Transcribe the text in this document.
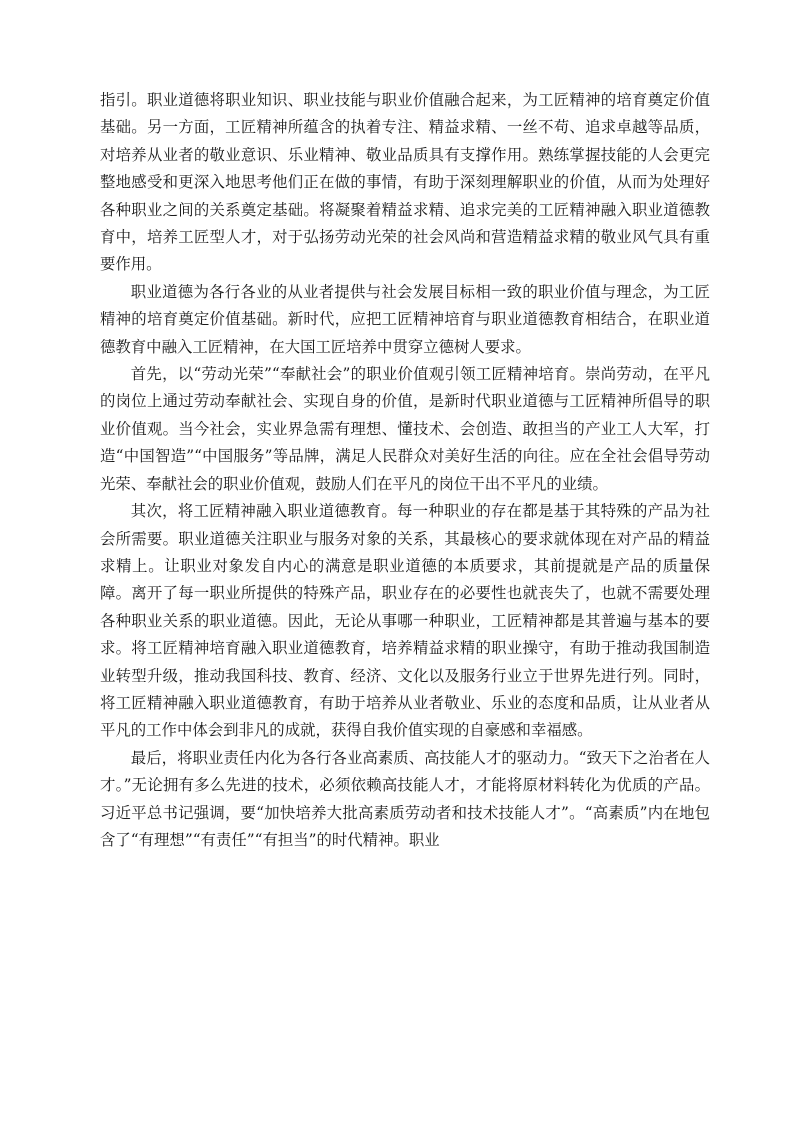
指引。职业道德将职业知识、职业技能与职业价值融合起来，为工匠精神的培育奠定价值基础。另一方面，工匠精神所蕴含的执着专注、精益求精、一丝不苟、追求卓越等品质，对培养从业者的敬业意识、乐业精神、敬业品质具有支撑作用。熟练掌握技能的人会更完整地感受和更深入地思考他们正在做的事情，有助于深刻理解职业的价值，从而为处理好各种职业之间的关系奠定基础。将凝聚着精益求精、追求完美的工匠精神融入职业道德教育中，培养工匠型人才，对于弘扬劳动光荣的社会风尚和营造精益求精的敬业风气具有重要作用。

职业道德为各行各业的从业者提供与社会发展目标相一致的职业价值与理念，为工匠精神的培育奠定价值基础。新时代，应把工匠精神培育与职业道德教育相结合，在职业道德教育中融入工匠精神，在大国工匠培养中贯穿立德树人要求。

首先，以“劳动光荣”“奉献社会”的职业价值观引领工匠精神培育。崇尚劳动，在平凡的岗位上通过劳动奉献社会、实现自身的价值，是新时代职业道德与工匠精神所倡导的职业价值观。当今社会，实业界急需有理想、懂技术、会创造、敢担当的产业工人大军，打造“中国智造”“中国服务”等品牌，满足人民群众对美好生活的向往。应在全社会倡导劳动光荣、奉献社会的职业价值观，鼓励人们在平凡的岗位干出不平凡的业绩。

其次，将工匠精神融入职业道德教育。每一种职业的存在都是基于其特殊的产品为社会所需要。职业道德关注职业与服务对象的关系，其最核心的要求就体现在对产品的精益求精上。让职业对象发自内心的满意是职业道德的本质要求，其前提就是产品的质量保障。离开了每一职业所提供的特殊产品，职业存在的必要性也就丧失了，也就不需要处理各种职业关系的职业道德。因此，无论从事哪一种职业，工匠精神都是其普遍与基本的要求。将工匠精神培育融入职业道德教育，培养精益求精的职业操守，有助于推动我国制造业转型升级，推动我国科技、教育、经济、文化以及服务行业立于世界先进行列。同时，将工匠精神融入职业道德教育，有助于培养从业者敬业、乐业的态度和品质，让从业者从平凡的工作中体会到非凡的成就，获得自我价值实现的自豪感和幸福感。

最后，将职业责任内化为各行各业高素质、高技能人才的驱动力。“致天下之治者在人才。”无论拥有多么先进的技术，必须依赖高技能人才，才能将原材料转化为优质的产品。习近平总书记强调，要“加快培养大批高素质劳动者和技术技能人才”。“高素质”内在地包含了“有理想”“有责任”“有担当”的时代精神。职业
